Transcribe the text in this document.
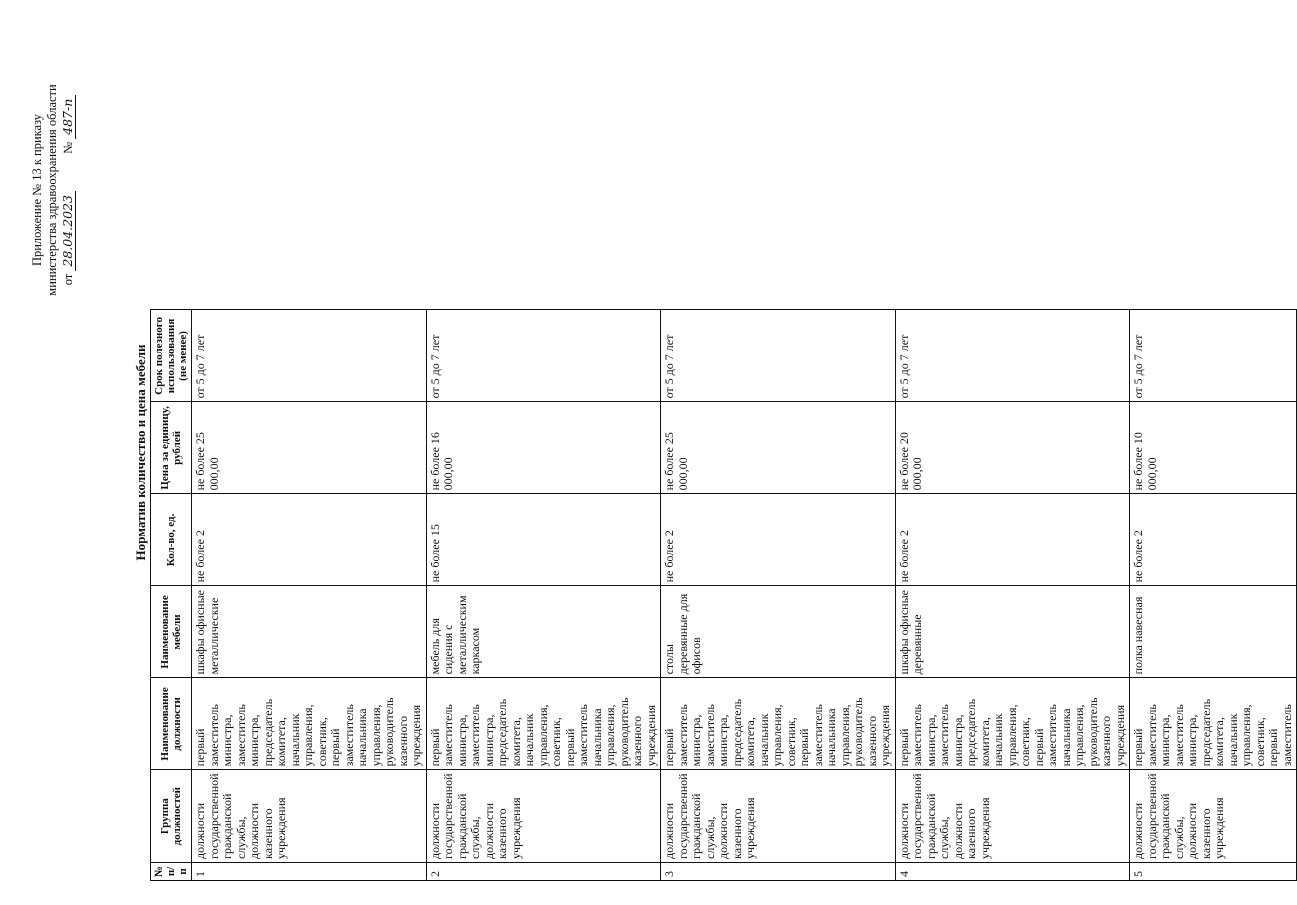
Приложение № 13 к приказу министерства здравоохранения области от 28.04.2023 № 487-п
Норматив количество и цена мебели
№ п/п	Группа должностей	Наименование должности	Наименование мебели	Кол-во, ед.	Цена за единицу, рублей	Срок полезного использования (не менее)
1	должности государственной гражданской службы, должности казенного учреждения	первый заместитель министра, заместитель министра, председатель комитета, начальник управления, советник, первый заместитель начальника управления, руководитель казенного учреждения	шкафы офисные металлические	не более 2	не более 25 000,00	от 5 до 7 лет
2	должности государственной гражданской службы, должности казенного учреждения	первый заместитель министра, заместитель министра, председатель комитета, начальник управления, советник, первый заместитель начальника управления, руководитель казенного учреждения	мебель для сидения с металлическим каркасом	не более 15	не более 16 000,00	от 5 до 7 лет
3	должности государственной гражданской службы, должности казенного учреждения	первый заместитель министра, заместитель министра, председатель комитета, начальник управления, советник, первый заместитель начальника управления, руководитель казенного учреждения	столы деревянные для офисов	не более 2	не более 25 000,00	от 5 до 7 лет
4	должности государственной гражданской службы, должности казенного учреждения	первый заместитель министра, заместитель министра, председатель комитета, начальник управления, советник, первый заместитель начальника управления, руководитель казенного учреждения	шкафы офисные деревянные	не более 2	не более 20 000,00	от 5 до 7 лет
5	должности государственной гражданской службы, должности казенного учреждения	первый заместитель министра, заместитель министра, председатель комитета, начальник управления, советник, первый заместитель	полка навесная	не более 2	не более 10 000,00	от 5 до 7 лет
